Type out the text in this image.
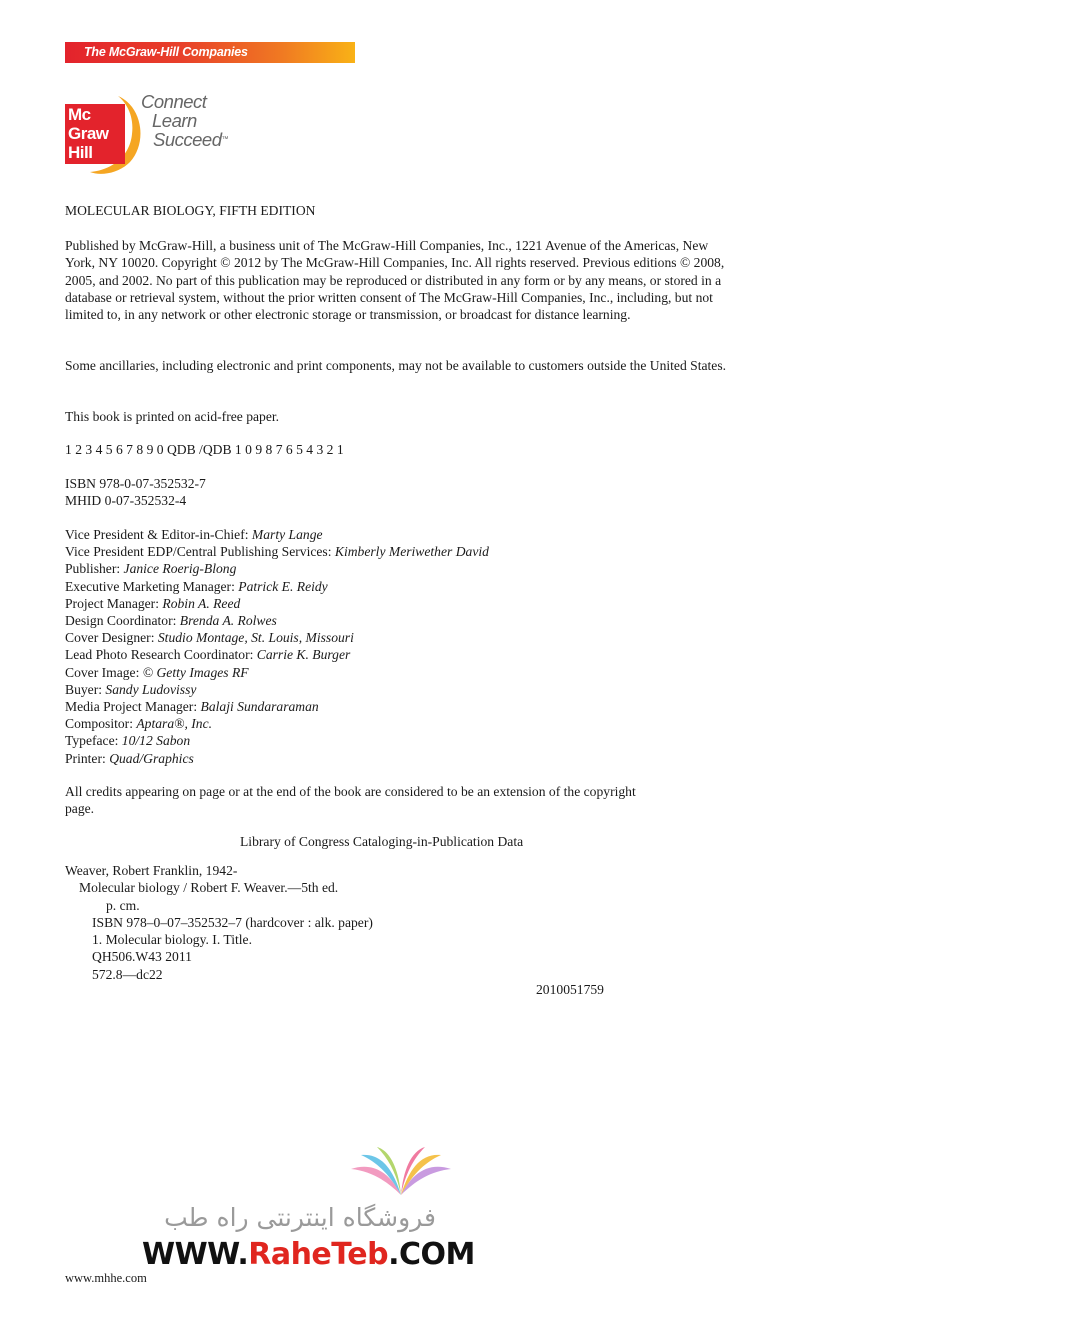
The McGraw-Hill Companies
Mc
Graw
Hill
Connect
Learn
Succeed™
MOLECULAR BIOLOGY, FIFTH EDITION

Published by McGraw-Hill, a business unit of The McGraw-Hill Companies, Inc., 1221 Avenue of the Americas, New York, NY 10020. Copyright © 2012 by The McGraw-Hill Companies, Inc. All rights reserved. Previous editions © 2008, 2005, and 2002. No part of this publication may be reproduced or distributed in any form or by any means, or stored in a database or retrieval system, without the prior written consent of The McGraw-Hill Companies, Inc., including, but not limited to, in any network or other electronic storage or transmission, or broadcast for distance learning.

Some ancillaries, including electronic and print components, may not be available to customers outside the United States.

This book is printed on acid-free paper.
1 2 3 4 5 6 7 8 9 0 QDB /QDB 1 0 9 8 7 6 5 4 3 2 1
ISBN 978-0-07-352532-7
MHID 0-07-352532-4
Vice President & Editor-in-Chief: Marty Lange
Vice President EDP/Central Publishing Services: Kimberly Meriwether David
Publisher: Janice Roerig-Blong
Executive Marketing Manager: Patrick E. Reidy
Project Manager: Robin A. Reed
Design Coordinator: Brenda A. Rolwes
Cover Designer: Studio Montage, St. Louis, Missouri
Lead Photo Research Coordinator: Carrie K. Burger
Cover Image: © Getty Images RF
Buyer: Sandy Ludovissy
Media Project Manager: Balaji Sundararaman
Compositor: Aptara®, Inc.
Typeface: 10/12 Sabon
Printer: Quad/Graphics
All credits appearing on page or at the end of the book are considered to be an extension of the copyright page.
Library of Congress Cataloging-in-Publication Data
Weaver, Robert Franklin, 1942-
Molecular biology / Robert F. Weaver.—5th ed.
p. cm.
ISBN 978–0–07–352532–7 (hardcover : alk. paper)
1. Molecular biology. I. Title.
QH506.W43 2011
572.8—dc22
2010051759
فروشگاه اینترنتی راه طب
WWW.RaheTeb.COM
www.mhhe.com
